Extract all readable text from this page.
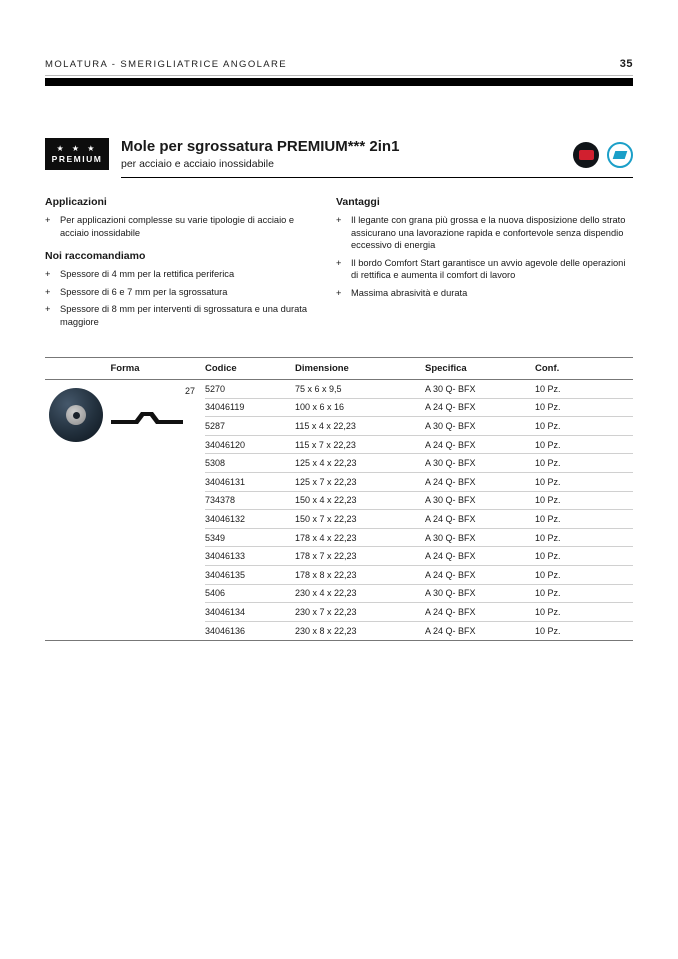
MOLATURA - SMERIGLIATRICE ANGOLARE	35
★ ★ ★
PREMIUM
Mole per sgrossatura PREMIUM*** 2in1
per acciaio e acciaio inossidabile
Applicazioni
+	Per applicazioni complesse su varie tipologie di acciaio e acciaio inossidabile
Noi raccomandiamo
+	Spessore di 4 mm per la rettifica periferica
+	Spessore di 6 e 7 mm per la sgrossatura
+	Spessore di 8 mm per interventi di sgrossatura e una durata maggiore
Vantaggi
+	Il legante con grana più grossa e la nuova disposizione dello strato assicurano una lavorazione rapida e confortevole senza dispendio eccessivo di energia
+	Il bordo Comfort Start garantisce un avvio agevole delle operazioni di rettifica e aumenta il comfort di lavoro
+	Massima abrasività e durata
Forma	Codice	Dimensione	Specifica	Conf.
27 5270	75 x 6 x 9,5	A 30 Q- BFX	10 Pz.
34046119	100 x 6 x 16	A 24 Q- BFX	10 Pz.
5287	115 x 4 x 22,23	A 30 Q- BFX	10 Pz.
34046120	115 x 7 x 22,23	A 24 Q- BFX	10 Pz.
5308	125 x 4 x 22,23	A 30 Q- BFX	10 Pz.
34046131	125 x 7 x 22,23	A 24 Q- BFX	10 Pz.
734378	150 x 4 x 22,23	A 30 Q- BFX	10 Pz.
34046132	150 x 7 x 22,23	A 24 Q- BFX	10 Pz.
5349	178 x 4 x 22,23	A 30 Q- BFX	10 Pz.
34046133	178 x 7 x 22,23	A 24 Q- BFX	10 Pz.
34046135	178 x 8 x 22,23	A 24 Q- BFX	10 Pz.
5406	230 x 4 x 22,23	A 30 Q- BFX	10 Pz.
34046134	230 x 7 x 22,23	A 24 Q- BFX	10 Pz.
34046136	230 x 8 x 22,23	A 24 Q- BFX	10 Pz.
